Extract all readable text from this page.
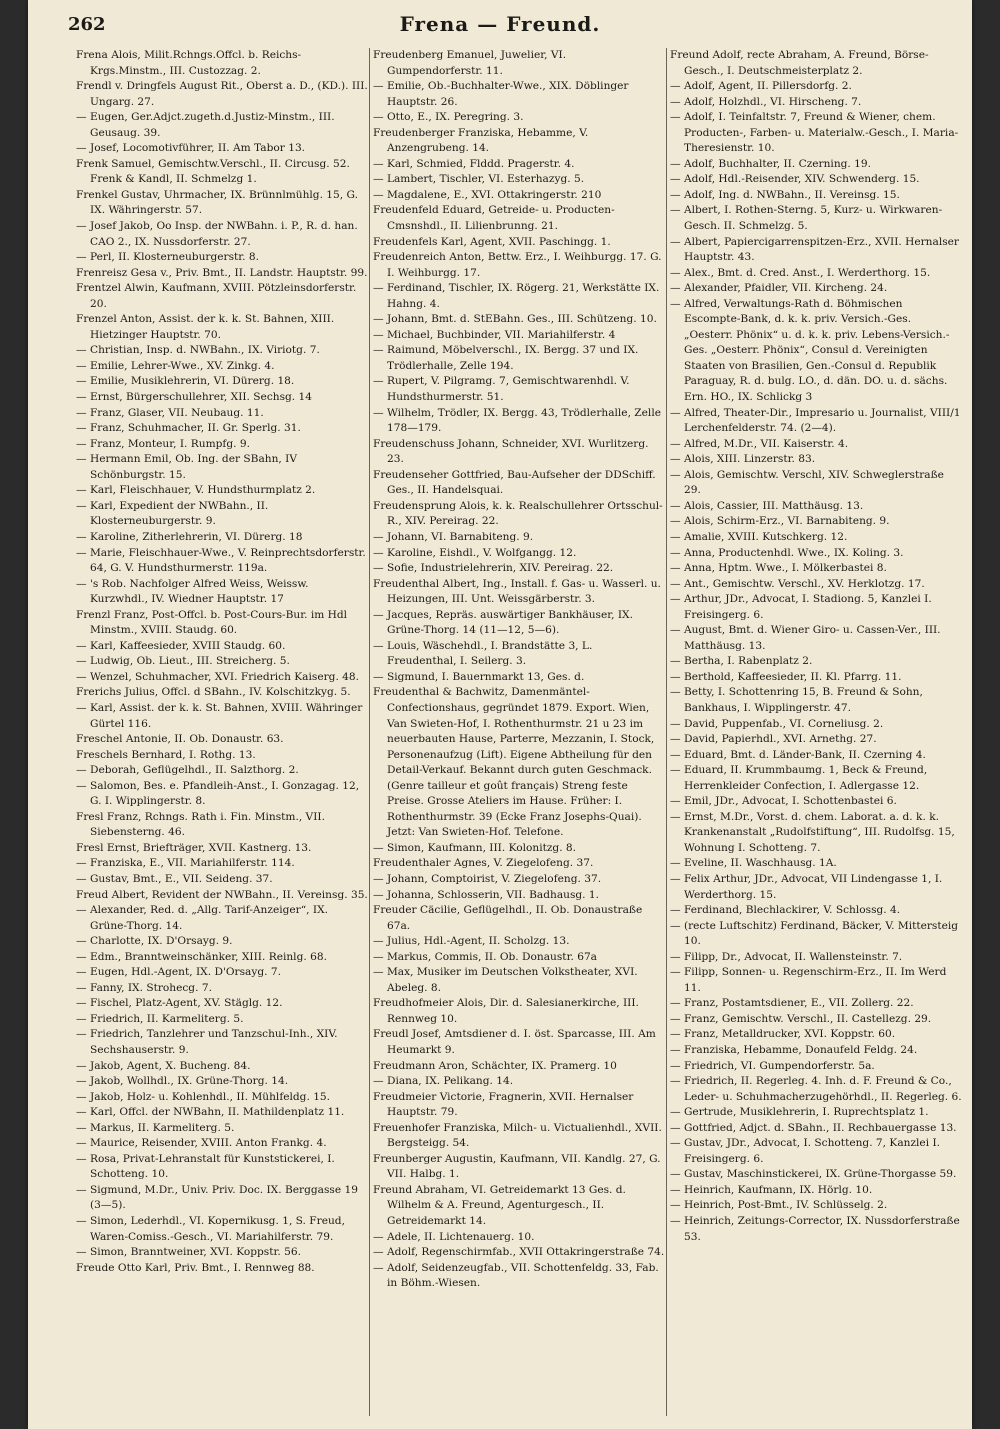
262	Frena — Freund.

Frena Alois, Milit.Rchngs.Offcl. b. Reichs-Krgs.Minstm., III. Custozzag. 2.

Frendl v. Dringfels August Rit., Oberst a. D., (KD.). III. Ungarg. 27.

— Eugen, Ger.Adjct.zugeth.d.Justiz-Minstm., III. Geusaug. 39.

— Josef, Locomotivführer, II. Am Tabor 13.

Frenk Samuel, Gemischtw.Verschl., II. Circusg. 52. Frenk & Kandl, II. Schmelzg 1.

Frenkel Gustav, Uhrmacher, IX. Brünnlmühlg. 15, G. IX. Währingerstr. 57.

— Josef Jakob, Oo Insp. der NWBahn. i. P., R. d. han. CAO 2., IX. Nussdorferstr. 27.

— Perl, II. Klosterneuburgerstr. 8.

Frenreisz Gesa v., Priv. Bmt., II. Landstr. Hauptstr. 99.

Frentzel Alwin, Kaufmann, XVIII. Pötzleinsdorferstr. 20.

Frenzel Anton, Assist. der k. k. St. Bahnen, XIII. Hietzinger Hauptstr. 70.

— Christian, Insp. d. NWBahn., IX. Viriotg. 7.

— Emilie, Lehrer-Wwe., XV. Zinkg. 4.

— Emilie, Musiklehrerin, VI. Dürerg. 18.

— Ernst, Bürgerschullehrer, XII. Sechsg. 14

— Franz, Glaser, VII. Neubaug. 11.

— Franz, Schuhmacher, II. Gr. Sperlg. 31.

— Franz, Monteur, I. Rumpfg. 9.

— Hermann Emil, Ob. Ing. der SBahn, IV Schönburgstr. 15.

— Karl, Fleischhauer, V. Hundsthurmplatz 2.

— Karl, Expedient der NWBahn., II. Klosterneuburgerstr. 9.

— Karoline, Zitherlehrerin, VI. Dürerg. 18

— Marie, Fleischhauer-Wwe., V. Reinprechtsdorferstr. 64, G. V. Hundsthurmerstr. 119a.

— 's Rob. Nachfolger Alfred Weiss, Weissw. Kurzwhdl., IV. Wiedner Hauptstr. 17

Frenzl Franz, Post-Offcl. b. Post-Cours-Bur. im Hdl Minstm., XVIII. Staudg. 60.

— Karl, Kaffeesieder, XVIII Staudg. 60.

— Ludwig, Ob. Lieut., III. Streicherg. 5.

— Wenzel, Schuhmacher, XVI. Friedrich Kaiserg. 48.

Frerichs Julius, Offcl. d SBahn., IV. Kolschitzkyg. 5.

— Karl, Assist. der k. k. St. Bahnen, XVIII. Währinger Gürtel 116.

Freschel Antonie, II. Ob. Donaustr. 63.

Freschels Bernhard, I. Rothg. 13.

— Deborah, Geflügelhdl., II. Salzthorg. 2.

— Salomon, Bes. e. Pfandleih-Anst., I. Gonzagag. 12, G. I. Wipplingerstr. 8.

Fresl Franz, Rchngs. Rath i. Fin. Minstm., VII. Siebensterng. 46.

Fresl Ernst, Briefträger, XVII. Kastnerg. 13.

— Franziska, E., VII. Mariahilferstr. 114.

— Gustav, Bmt., E., VII. Seideng. 37.

Freud Albert, Revident der NWBahn., II. Vereinsg. 35.

— Alexander, Red. d. „Allg. Tarif-Anzeiger“, IX. Grüne-Thorg. 14.

— Charlotte, IX. D'Orsayg. 9.

— Edm., Branntweinschänker, XIII. Reinlg. 68.

— Eugen, Hdl.-Agent, IX. D'Orsayg. 7.

— Fanny, IX. Strohecg. 7.

— Fischel, Platz-Agent, XV. Stäglg. 12.

— Friedrich, II. Karmeliterg. 5.

— Friedrich, Tanzlehrer und Tanzschul-Inh., XIV. Sechshauserstr. 9.

— Jakob, Agent, X. Bucheng. 84.

— Jakob, Wollhdl., IX. Grüne-Thorg. 14.

— Jakob, Holz- u. Kohlenhdl., II. Mühlfeldg. 15.

— Karl, Offcl. der NWBahn, II. Mathildenplatz 11.

— Markus, II. Karmeliterg. 5.

— Maurice, Reisender, XVIII. Anton Frankg. 4.

— Rosa, Privat-Lehranstalt für Kunststickerei, I. Schotteng. 10.

— Sigmund, M.Dr., Univ. Priv. Doc. IX. Berggasse 19 (3—5).

— Simon, Lederhdl., VI. Kopernikusg. 1, S. Freud, Waren-Comiss.-Gesch., VI. Mariahilferstr. 79.

— Simon, Branntweiner, XVI. Koppstr. 56.

Freude Otto Karl, Priv. Bmt., I. Rennweg 88.

Freudenberg Emanuel, Juwelier, VI. Gumpendorferstr. 11.

— Emilie, Ob.-Buchhalter-Wwe., XIX. Döblinger Hauptstr. 26.

— Otto, E., IX. Peregring. 3.

Freudenberger Franziska, Hebamme, V. Anzengrubeng. 14.

— Karl, Schmied, Flddd. Pragerstr. 4.

— Lambert, Tischler, VI. Esterhazyg. 5.

— Magdalene, E., XVI. Ottakringerstr. 210

Freudenfeld Eduard, Getreide- u. Producten-Cmsnshdl., II. Lilienbrunng. 21.

Freudenfels Karl, Agent, XVII. Paschingg. 1.

Freudenreich Anton, Bettw. Erz., I. Weihburgg. 17. G. I. Weihburgg. 17.

— Ferdinand, Tischler, IX. Rögerg. 21, Werkstätte IX. Hahng. 4.

— Johann, Bmt. d. StEBahn. Ges., III. Schützeng. 10.

— Michael, Buchbinder, VII. Mariahilferstr. 4

— Raimund, Möbelverschl., IX. Bergg. 37 und IX. Trödlerhalle, Zelle 194.

— Rupert, V. Pilgramg. 7, Gemischtwarenhdl. V. Hundsthurmerstr. 51.

— Wilhelm, Trödler, IX. Bergg. 43, Trödlerhalle, Zelle 178—179.

Freudenschuss Johann, Schneider, XVI. Wurlitzerg. 23.

Freudenseher Gottfried, Bau-Aufseher der DDSchiff. Ges., II. Handelsquai.

Freudensprung Alois, k. k. Realschullehrer Ortsschul-R., XIV. Pereirag. 22.

— Johann, VI. Barnabiteng. 9.

— Karoline, Eishdl., V. Wolfgangg. 12.

— Sofie, Industrielehrerin, XIV. Pereirag. 22.

Freudenthal Albert, Ing., Install. f. Gas- u. Wasserl. u. Heizungen, III. Unt. Weissgärberstr. 3.

— Jacques, Repräs. auswärtiger Bankhäuser, IX. Grüne-Thorg. 14 (11—12, 5—6).

— Louis, Wäschehdl., I. Brandstätte 3, L. Freudenthal, I. Seilerg. 3.

— Sigmund, I. Bauernmarkt 13, Ges. d.

Freudenthal & Bachwitz, Damenmäntel-Confectionshaus, gegründet 1879. Export. Wien, Van Swieten-Hof, I. Rothenthurmstr. 21 u 23 im neuerbauten Hause, Parterre, Mezzanin, I. Stock, Personenaufzug (Lift). Eigene Abtheilung für den Detail-Verkauf. Bekannt durch guten Geschmack. (Genre tailleur et goût français) Streng feste Preise. Grosse Ateliers im Hause. Früher: I. Rothenthurmstr. 39 (Ecke Franz Josephs-Quai). Jetzt: Van Swieten-Hof. Telefone.

— Simon, Kaufmann, III. Kolonitzg. 8.

Freudenthaler Agnes, V. Ziegelofeng. 37.

— Johann, Comptoirist, V. Ziegelofeng. 37.

— Johanna, Schlosserin, VII. Badhausg. 1.

Freuder Cäcilie, Geflügelhdl., II. Ob. Donaustraße 67a.

— Julius, Hdl.-Agent, II. Scholzg. 13.

— Markus, Commis, II. Ob. Donaustr. 67a

— Max, Musiker im Deutschen Volkstheater, XVI. Abeleg. 8.

Freudhofmeier Alois, Dir. d. Salesianerkirche, III. Rennweg 10.

Freudl Josef, Amtsdiener d. I. öst. Sparcasse, III. Am Heumarkt 9.

Freudmann Aron, Schächter, IX. Pramerg. 10

— Diana, IX. Pelikang. 14.

Freudmeier Victorie, Fragnerin, XVII. Hernalser Hauptstr. 79.

Freuenhofer Franziska, Milch- u. Victualienhdl., XVII. Bergsteigg. 54.

Freunberger Augustin, Kaufmann, VII. Kandlg. 27, G. VII. Halbg. 1.

Freund Abraham, VI. Getreidemarkt 13 Ges. d. Wilhelm & A. Freund, Agenturgesch., II. Getreidemarkt 14.

— Adele, II. Lichtenauerg. 10.

— Adolf, Regenschirmfab., XVII Ottakringerstraße 74.

— Adolf, Seidenzeugfab., VII. Schottenfeldg. 33, Fab. in Böhm.-Wiesen.

Freund Adolf, recte Abraham, A. Freund, Börse-Gesch., I. Deutschmeisterplatz 2.

— Adolf, Agent, II. Pillersdorfg. 2.

— Adolf, Holzhdl., VI. Hirscheng. 7.

— Adolf, I. Teinfaltstr. 7, Freund & Wiener, chem. Producten-, Farben- u. Materialw.-Gesch., I. Maria-Theresienstr. 10.

— Adolf, Buchhalter, II. Czerning. 19.

— Adolf, Hdl.-Reisender, XIV. Schwenderg. 15.

— Adolf, Ing. d. NWBahn., II. Vereinsg. 15.

— Albert, I. Rothen-Sterng. 5, Kurz- u. Wirkwaren-Gesch. II. Schmelzg. 5.

— Albert, Papiercigarrenspitzen-Erz., XVII. Hernalser Hauptstr. 43.

— Alex., Bmt. d. Cred. Anst., I. Werderthorg. 15.

— Alexander, Pfaidler, VII. Kircheng. 24.

— Alfred, Verwaltungs-Rath d. Böhmischen Escompte-Bank, d. k. k. priv. Versich.-Ges. „Oesterr. Phönix“ u. d. k. k. priv. Lebens-Versich.-Ges. „Oesterr. Phönix“, Consul d. Vereinigten Staaten von Brasilien, Gen.-Consul d. Republik Paraguay, R. d. bulg. LO., d. dän. DO. u. d. sächs. Ern. HO., IX. Schlickg 3

— Alfred, Theater-Dir., Impresario u. Journalist, VIII/1 Lerchenfelderstr. 74. (2—4).

— Alfred, M.Dr., VII. Kaiserstr. 4.

— Alois, XIII. Linzerstr. 83.

— Alois, Gemischtw. Verschl, XIV. Schweglerstraße 29.

— Alois, Cassier, III. Matthäusg. 13.

— Alois, Schirm-Erz., VI. Barnabiteng. 9.

— Amalie, XVIII. Kutschkerg. 12.

— Anna, Productenhdl. Wwe., IX. Koling. 3.

— Anna, Hptm. Wwe., I. Mölkerbastei 8.

— Ant., Gemischtw. Verschl., XV. Herklotzg. 17.

— Arthur, JDr., Advocat, I. Stadiong. 5, Kanzlei I. Freisingerg. 6.

— August, Bmt. d. Wiener Giro- u. Cassen-Ver., III. Matthäusg. 13.

— Bertha, I. Rabenplatz 2.

— Berthold, Kaffeesieder, II. Kl. Pfarrg. 11.

— Betty, I. Schottenring 15, B. Freund & Sohn, Bankhaus, I. Wipplingerstr. 47.

— David, Puppenfab., VI. Corneliusg. 2.

— David, Papierhdl., XVI. Arnethg. 27.

— Eduard, Bmt. d. Länder-Bank, II. Czerning 4.

— Eduard, II. Krummbaumg. 1, Beck & Freund, Herrenkleider Confection, I. Adlergasse 12.

— Emil, JDr., Advocat, I. Schottenbastei 6.

— Ernst, M.Dr., Vorst. d. chem. Laborat. a. d. k. k. Krankenanstalt „Rudolfstiftung“, III. Rudolfsg. 15, Wohnung I. Schotteng. 7.

— Eveline, II. Waschhausg. 1A.

— Felix Arthur, JDr., Advocat, VII Lindengasse 1, I. Werderthorg. 15.

— Ferdinand, Blechlackirer, V. Schlossg. 4.

— (recte Luftschitz) Ferdinand, Bäcker, V. Mittersteig 10.

— Filipp, Dr., Advocat, II. Wallensteinstr. 7.

— Filipp, Sonnen- u. Regenschirm-Erz., II. Im Werd 11.

— Franz, Postamtsdiener, E., VII. Zollerg. 22.

— Franz, Gemischtw. Verschl., II. Castellezg. 29.

— Franz, Metalldrucker, XVI. Koppstr. 60.

— Franziska, Hebamme, Donaufeld Feldg. 24.

— Friedrich, VI. Gumpendorferstr. 5a.

— Friedrich, II. Regerleg. 4. Inh. d. F. Freund & Co., Leder- u. Schuhmacherzugehörhdl., II. Regerleg. 6.

— Gertrude, Musiklehrerin, I. Ruprechtsplatz 1.

— Gottfried, Adjct. d. SBahn., II. Rechbauergasse 13.

— Gustav, JDr., Advocat, I. Schotteng. 7, Kanzlei I. Freisingerg. 6.

— Gustav, Maschinstickerei, IX. Grüne-Thorgasse 59.

— Heinrich, Kaufmann, IX. Hörlg. 10.

— Heinrich, Post-Bmt., IV. Schlüsselg. 2.

— Heinrich, Zeitungs-Corrector, IX. Nussdorferstraße 53.
